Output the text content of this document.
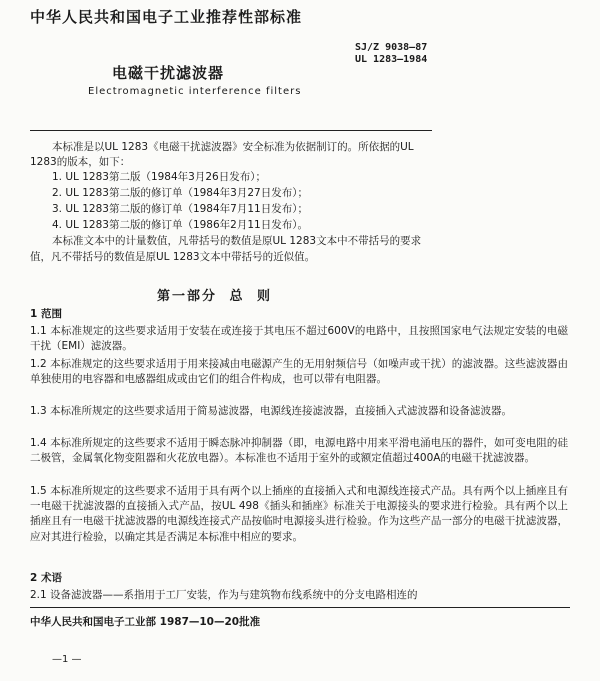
中华人民共和国电子工业推荐性部标准
SJ/Z 9038—87
UL 1283—1984
电磁干扰滤波器
Electromagnetic interference filters
本标准是以UL 1283《电磁干扰滤波器》安全标准为依据制订的。所依据的UL
1283的版本，如下：
1. UL 1283第二版（1984年3月26日发布）；
2. UL 1283第二版的修订单（1984年3月27日发布）；
3. UL 1283第二版的修订单（1984年7月11日发布）；
4. UL 1283第二版的修订单（1986年2月11日发布）。
本标准文本中的计量数值，凡带括号的数值是原UL 1283文本中不带括号的要求
值，凡不带括号的数值是原UL 1283文本中带括号的近似值。
第一部分 总 则
1 范围
1.1 本标准规定的这些要求适用于安装在或连接于其电压不超过600V的电路中，且按照国家电气法规定安装的电磁干扰（EMI）滤波器。
1.2 本标准规定的这些要求适用于用来接减由电磁源产生的无用射频信号（如噪声或干扰）的滤波器。这些滤波器由单独使用的电容器和电感器组成或由它们的组合件构成，也可以带有电阻器。
1.3 本标准所规定的这些要求适用于简易滤波器，电源线连接滤波器，直接插入式滤波器和设备滤波器。
1.4 本标准所规定的这些要求不适用于瞬态脉冲抑制器（即，电源电路中用来平滑电涌电压的器件，如可变电阻的硅二极管，金属氧化物变阻器和火花放电器）。本标准也不适用于室外的或额定值超过400A的电磁干扰滤波器。
1.5 本标准所规定的这些要求不适用于具有两个以上插座的直接插入式和电源线连接式产品。具有两个以上插座且有一电磁干扰滤波器的直接插入式产品，按UL 498《插头和插座》标准关于电源接头的要求进行检验。具有两个以上插座且有一电磁干扰滤波器的电源线连接式产品按临时电源接头进行检验。作为这些产品一部分的电磁干扰滤波器，应对其进行检验，以确定其是否满足本标准中相应的要求。
2 术语
2.1 设备滤波器——系指用于工厂安装，作为与建筑物布线系统中的分支电路相连的
中华人民共和国电子工业部 1987—10—20批准
—1 —
